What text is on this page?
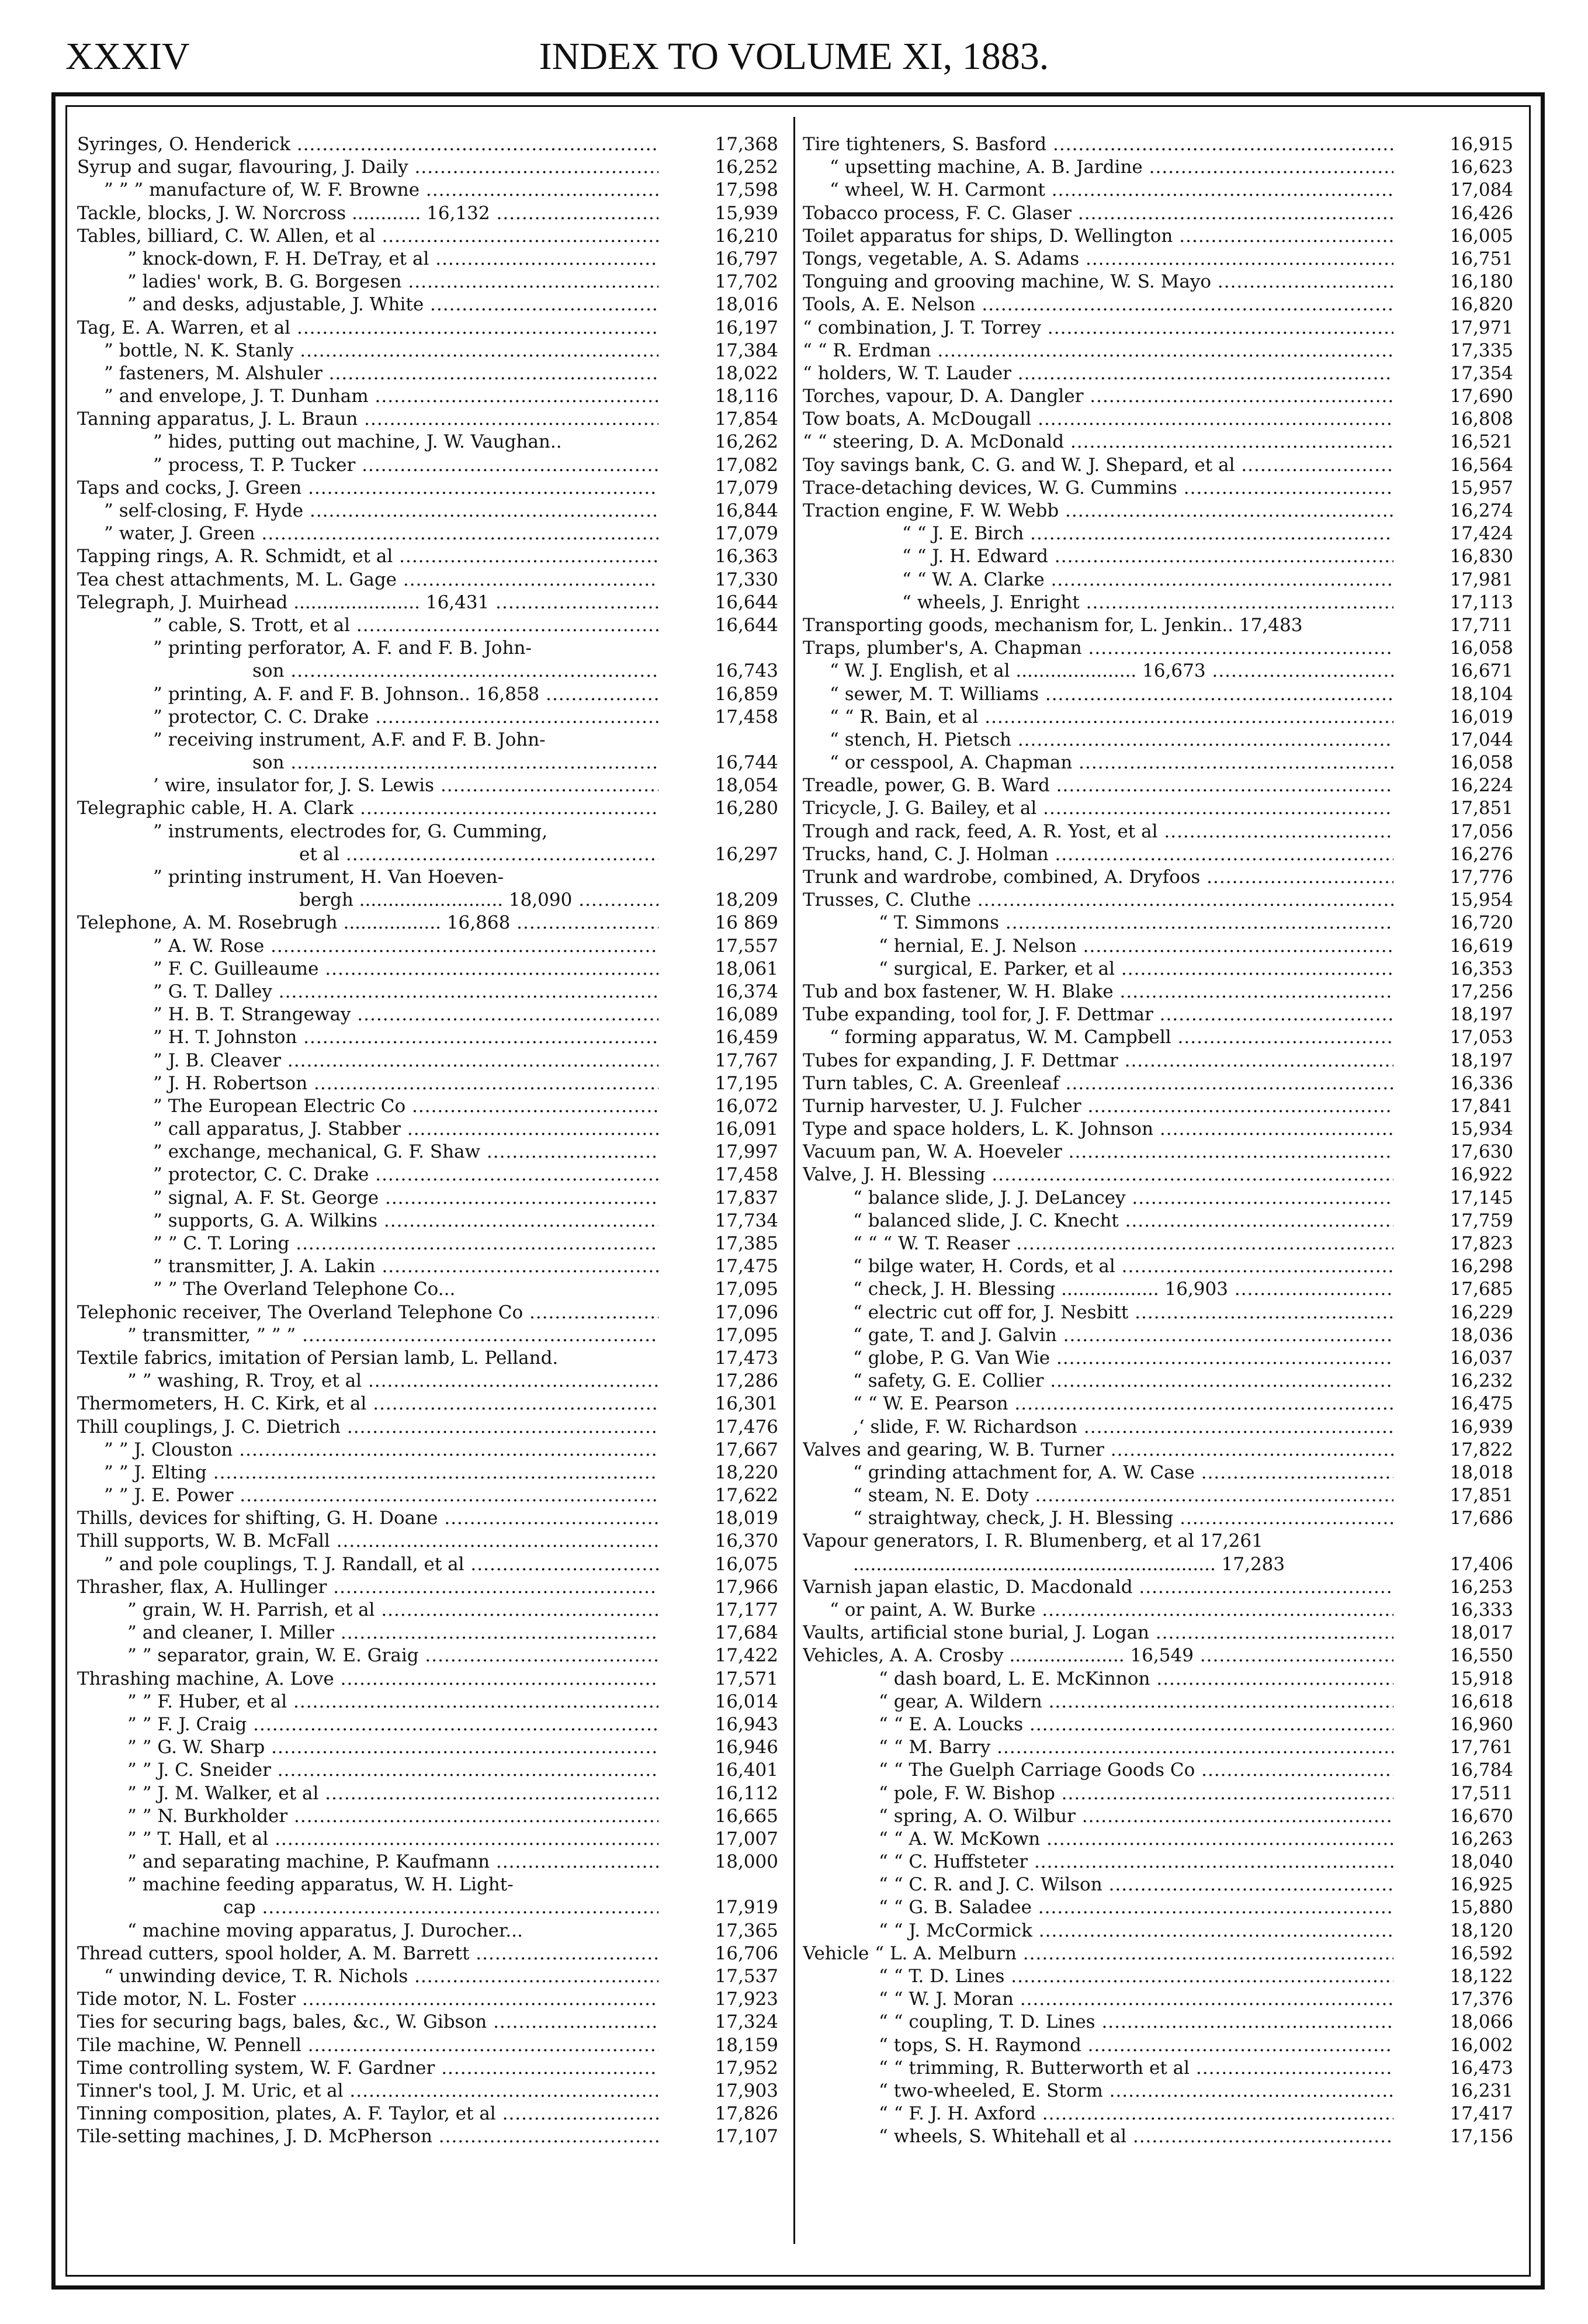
XXXIV	INDEX TO VOLUME XI, 1883.
Syringes, O. Henderick .....	17,368
Syrup and sugar, flavouring, J. Daily .....	16,252
” ” ” manufacture of, W. F. Browne .....	17,598
Tackle, blocks, J. W. Norcross ............ 16,132 .....	15,939
Tables, billiard, C. W. Allen, et al .....	16,210
” knock-down, F. H. DeTray, et al .....	16,797
” ladies' work, B. G. Borgesen .....	17,702
” and desks, adjustable, J. White .....	18,016
Tag, E. A. Warren, et al .....	16,197
” bottle, N. K. Stanly .....	17,384
” fasteners, M. Alshuler .....	18,022
” and envelope, J. T. Dunham .....	18,116
Tanning apparatus, J. L. Braun .....	17,854
” hides, putting out machine, J. W. Vaughan..	16,262
” process, T. P. Tucker .....	17,082
Taps and cocks, J. Green .....	17,079
” self-closing, F. Hyde .....	16,844
” water, J. Green .....	17,079
Tapping rings, A. R. Schmidt, et al .....	16,363
Tea chest attachments, M. L. Gage .....	17,330
Telegraph, J. Muirhead ...................... 16,431 .....	16,644
” cable, S. Trott, et al .....	16,644
” printing perforator, A. F. and F. B. John-
son .....	16,743
” printing, A. F. and F. B. Johnson.. 16,858 .....	16,859
” protector, C. C. Drake .....	17,458
” receiving instrument, A.F. and F. B. John-
son .....	16,744
’ wire, insulator for, J. S. Lewis .....	18,054
Telegraphic cable, H. A. Clark .....	16,280
” instruments, electrodes for, G. Cumming,
et al .....	16,297
” printing instrument, H. Van Hoeven-
bergh ......................... 18,090 .....	18,209
Telephone, A. M. Rosebrugh ................. 16,868 .....	16 869
” A. W. Rose .....	17,557
” F. C. Guilleaume .....	18,061
” G. T. Dalley .....	16,374
” H. B. T. Strangeway .....	16,089
” H. T. Johnston .....	16,459
” J. B. Cleaver .....	17,767
” J. H. Robertson .....	17,195
” The European Electric Co .....	16,072
” call apparatus, J. Stabber .....	16,091
” exchange, mechanical, G. F. Shaw .....	17,997
” protector, C. C. Drake .....	17,458
” signal, A. F. St. George .....	17,837
” supports, G. A. Wilkins .....	17,734
” ” C. T. Loring .....	17,385
” transmitter, J. A. Lakin .....	17,475
” ” The Overland Telephone Co...	17,095
Telephonic receiver, The Overland Telephone Co .....	17,096
” transmitter, ” ” ” .....	17,095
Textile fabrics, imitation of Persian lamb, L. Pelland.	17,473
” ” washing, R. Troy, et al .....	17,286
Thermometers, H. C. Kirk, et al .....	16,301
Thill couplings, J. C. Dietrich .....	17,476
” ” J. Clouston .....	17,667
” ” J. Elting .....	18,220
” ” J. E. Power .....	17,622
Thills, devices for shifting, G. H. Doane .....	18,019
Thill supports, W. B. McFall .....	16,370
” and pole couplings, T. J. Randall, et al .....	16,075
Thrasher, flax, A. Hullinger .....	17,966
” grain, W. H. Parrish, et al .....	17,177
” and cleaner, I. Miller .....	17,684
” ” separator, grain, W. E. Graig .....	17,422
Thrashing machine, A. Love .....	17,571
” ” F. Huber, et al .....	16,014
” ” F. J. Craig .....	16,943
” ” G. W. Sharp .....	16,946
” ” J. C. Sneider .....	16,401
” ” J. M. Walker, et al .....	16,112
” ” N. Burkholder .....	16,665
” ” T. Hall, et al .....	17,007
” and separating machine, P. Kaufmann .....	18,000
” machine feeding apparatus, W. H. Light-
cap .....	17,919
“ machine moving apparatus, J. Durocher...	17,365
Thread cutters, spool holder, A. M. Barrett .....	16,706
“ unwinding device, T. R. Nichols .....	17,537
Tide motor, N. L. Foster .....	17,923
Ties for securing bags, bales, &c., W. Gibson .....	17,324
Tile machine, W. Pennell .....	18,159
Time controlling system, W. F. Gardner .....	17,952
Tinner's tool, J. M. Uric, et al .....	17,903
Tinning composition, plates, A. F. Taylor, et al .....	17,826
Tile-setting machines, J. D. McPherson .....	17,107
Tire tighteners, S. Basford .....	16,915
“ upsetting machine, A. B. Jardine .....	16,623
“ wheel, W. H. Carmont .....	17,084
Tobacco process, F. C. Glaser .....	16,426
Toilet apparatus for ships, D. Wellington .....	16,005
Tongs, vegetable, A. S. Adams .....	16,751
Tonguing and grooving machine, W. S. Mayo .....	16,180
Tools, A. E. Nelson .....	16,820
“ combination, J. T. Torrey .....	17,971
“ “ R. Erdman .....	17,335
“ holders, W. T. Lauder .....	17,354
Torches, vapour, D. A. Dangler .....	17,690
Tow boats, A. McDougall .....	16,808
“ “ steering, D. A. McDonald .....	16,521
Toy savings bank, C. G. and W. J. Shepard, et al .....	16,564
Trace-detaching devices, W. G. Cummins .....	15,957
Traction engine, F. W. Webb .....	16,274
“ “ J. E. Birch .....	17,424
“ “ J. H. Edward .....	16,830
“ “ W. A. Clarke .....	17,981
“ wheels, J. Enright .....	17,113
Transporting goods, mechanism for, L. Jenkin.. 17,483	17,711
Traps, plumber's, A. Chapman .....	16,058
“ W. J. English, et al ..................... 16,673 .....	16,671
“ sewer, M. T. Williams .....	18,104
“ “ R. Bain, et al .....	16,019
“ stench, H. Pietsch .....	17,044
“ or cesspool, A. Chapman .....	16,058
Treadle, power, G. B. Ward .....	16,224
Tricycle, J. G. Bailey, et al .....	17,851
Trough and rack, feed, A. R. Yost, et al .....	17,056
Trucks, hand, C. J. Holman .....	16,276
Trunk and wardrobe, combined, A. Dryfoos .....	17,776
Trusses, C. Cluthe .....	15,954
“ T. Simmons .....	16,720
“ hernial, E. J. Nelson .....	16,619
“ surgical, E. Parker, et al .....	16,353
Tub and box fastener, W. H. Blake .....	17,256
Tube expanding, tool for, J. F. Dettmar .....	18,197
“ forming apparatus, W. M. Campbell .....	17,053
Tubes for expanding, J. F. Dettmar .....	18,197
Turn tables, C. A. Greenleaf .....	16,336
Turnip harvester, U. J. Fulcher .....	17,841
Type and space holders, L. K. Johnson .....	15,934
Vacuum pan, W. A. Hoeveler .....	17,630
Valve, J. H. Blessing .....	16,922
“ balance slide, J. J. DeLancey .....	17,145
“ balanced slide, J. C. Knecht .....	17,759
“ “ “ W. T. Reaser .....	17,823
“ bilge water, H. Cords, et al .....	16,298
“ check, J. H. Blessing ................. 16,903 .....	17,685
“ electric cut off for, J. Nesbitt .....	16,229
“ gate, T. and J. Galvin .....	18,036
“ globe, P. G. Van Wie .....	16,037
“ safety, G. E. Collier .....	16,232
“ “ W. E. Pearson .....	16,475
,‘ slide, F. W. Richardson .....	16,939
Valves and gearing, W. B. Turner .....	17,822
“ grinding attachment for, A. W. Case .....	18,018
“ steam, N. E. Doty .....	17,851
“ straightway, check, J. H. Blessing .....	17,686
Vapour generators, I. R. Blumenberg, et al 17,261
............................................................... 17,283	17,406
Varnish japan elastic, D. Macdonald .....	16,253
“ or paint, A. W. Burke .....	16,333
Vaults, artificial stone burial, J. Logan .....	18,017
Vehicles, A. A. Crosby .................... 16,549 .....	16,550
“ dash board, L. E. McKinnon .....	15,918
“ gear, A. Wildern .....	16,618
“ “ E. A. Loucks .....	16,960
“ “ M. Barry .....	17,761
“ “ The Guelph Carriage Goods Co .....	16,784
“ pole, F. W. Bishop .....	17,511
“ spring, A. O. Wilbur .....	16,670
“ “ A. W. McKown .....	16,263
“ “ C. Huffsteter .....	18,040
“ “ C. R. and J. C. Wilson .....	16,925
“ “ G. B. Saladee .....	15,880
“ “ J. McCormick .....	18,120
Vehicle “ L. A. Melburn .....	16,592
“ “ T. D. Lines .....	18,122
“ “ W. J. Moran .....	17,376
“ “ coupling, T. D. Lines .....	18,066
“ tops, S. H. Raymond .....	16,002
“ “ trimming, R. Butterworth et al .....	16,473
“ two-wheeled, E. Storm .....	16,231
“ “ F. J. H. Axford .....	17,417
“ wheels, S. Whitehall et al .....	17,156
